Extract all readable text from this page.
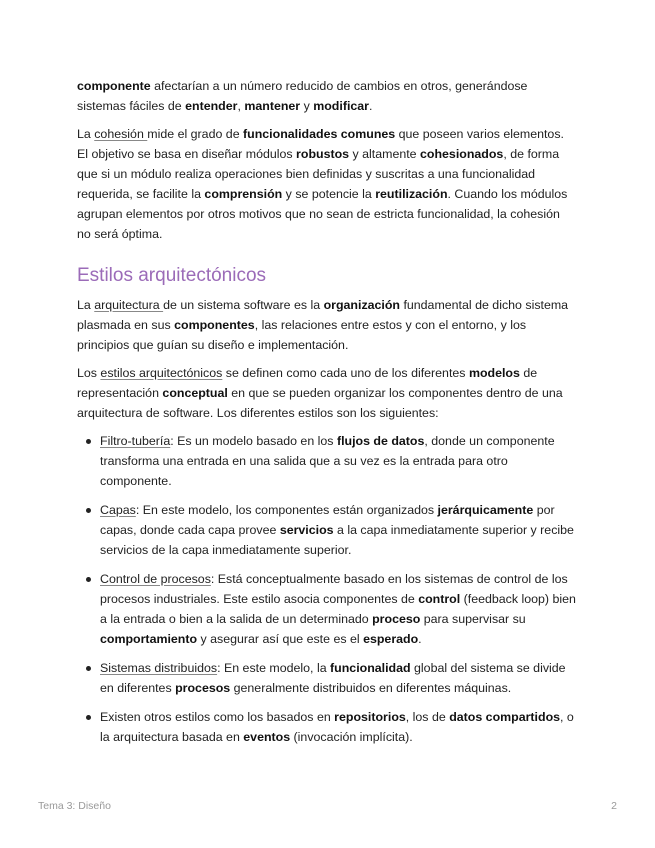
componente afectarían a un número reducido de cambios en otros, generándose sistemas fáciles de entender, mantener y modificar.

La cohesión mide el grado de funcionalidades comunes que poseen varios elementos. El objetivo se basa en diseñar módulos robustos y altamente cohesionados, de forma que si un módulo realiza operaciones bien definidas y suscritas a una funcionalidad requerida, se facilite la comprensión y se potencie la reutilización. Cuando los módulos agrupan elementos por otros motivos que no sean de estricta funcionalidad, la cohesión no será óptima.

Estilos arquitectónicos

La arquitectura de un sistema software es la organización fundamental de dicho sistema plasmada en sus componentes, las relaciones entre estos y con el entorno, y los principios que guían su diseño e implementación.

Los estilos arquitectónicos se definen como cada uno de los diferentes modelos de representación conceptual en que se pueden organizar los componentes dentro de una arquitectura de software. Los diferentes estilos son los siguientes:

Filtro-tubería: Es un modelo basado en los flujos de datos, donde un componente transforma una entrada en una salida que a su vez es la entrada para otro componente.
Capas: En este modelo, los componentes están organizados jerárquicamente por capas, donde cada capa provee servicios a la capa inmediatamente superior y recibe servicios de la capa inmediatamente superior.
Control de procesos: Está conceptualmente basado en los sistemas de control de los procesos industriales. Este estilo asocia componentes de control (feedback loop) bien a la entrada o bien a la salida de un determinado proceso para supervisar su comportamiento y asegurar así que este es el esperado.
Sistemas distribuidos: En este modelo, la funcionalidad global del sistema se divide en diferentes procesos generalmente distribuidos en diferentes máquinas.
Existen otros estilos como los basados en repositorios, los de datos compartidos, o la arquitectura basada en eventos (invocación implícita).
Tema 3: Diseño	2
